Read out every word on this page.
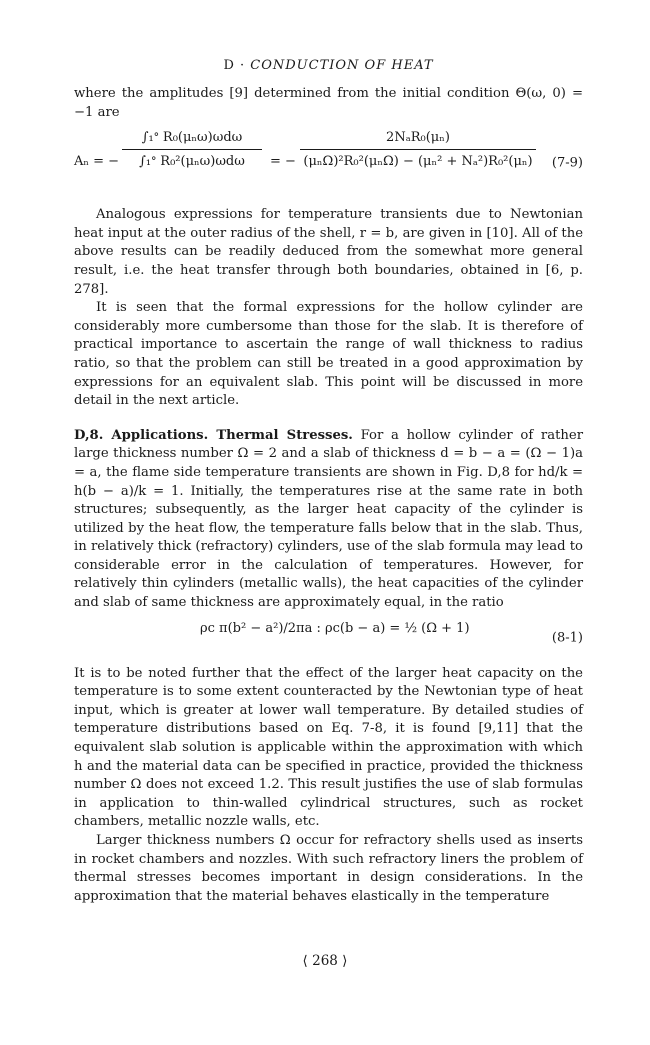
D · CONDUCTION OF HEAT

where the amplitudes [9] determined from the initial condition Θ(ω, 0) = −1 are

Aₙ = −
∫₁ᐤ R₀(μₙω)ωdω
∫₁ᐤ R₀²(μₙω)ωdω	= −
2NₐR₀(μₙ)
(μₙΩ)²R₀²(μₙΩ) − (μₙ² + Nₐ²)R₀²(μₙ) (7-9)

Analogous expressions for temperature transients due to Newtonian heat input at the outer radius of the shell, r = b, are given in [10]. All of the above results can be readily deduced from the somewhat more general result, i.e. the heat transfer through both boundaries, obtained in [6, p. 278].

It is seen that the formal expressions for the hollow cylinder are considerably more cumbersome than those for the slab. It is therefore of practical importance to ascertain the range of wall thickness to radius ratio, so that the problem can still be treated in a good approximation by expressions for an equivalent slab. This point will be discussed in more detail in the next article.

D,8. Applications. Thermal Stresses. For a hollow cylinder of rather large thickness number Ω = 2 and a slab of thickness d = b − a = (Ω − 1)a = a, the flame side temperature transients are shown in Fig. D,8 for hd/k = h(b − a)/k = 1. Initially, the temperatures rise at the same rate in both structures; subsequently, as the larger heat capacity of the cylinder is utilized by the heat flow, the temperature falls below that in the slab. Thus, in relatively thick (refractory) cylinders, use of the slab formula may lead to considerable error in the calculation of temperatures. However, for relatively thin cylinders (metallic walls), the heat capacities of the cylinder and slab of same thickness are approximately equal, in the ratio

ρc π(b² − a²)/2πa : ρc(b − a) = ½ (Ω + 1)
(8-1)

It is to be noted further that the effect of the larger heat capacity on the temperature is to some extent counteracted by the Newtonian type of heat input, which is greater at lower wall temperature. By detailed studies of temperature distributions based on Eq. 7-8, it is found [9,11] that the equivalent slab solution is applicable within the approximation with which h and the material data can be specified in practice, provided the thickness number Ω does not exceed 1.2. This result justifies the use of slab formulas in application to thin-walled cylindrical structures, such as rocket chambers, metallic nozzle walls, etc.

Larger thickness numbers Ω occur for refractory shells used as inserts in rocket chambers and nozzles. With such refractory liners the problem of thermal stresses becomes important in design considerations. In the approximation that the material behaves elastically in the temperature

⟨ 268 ⟩
